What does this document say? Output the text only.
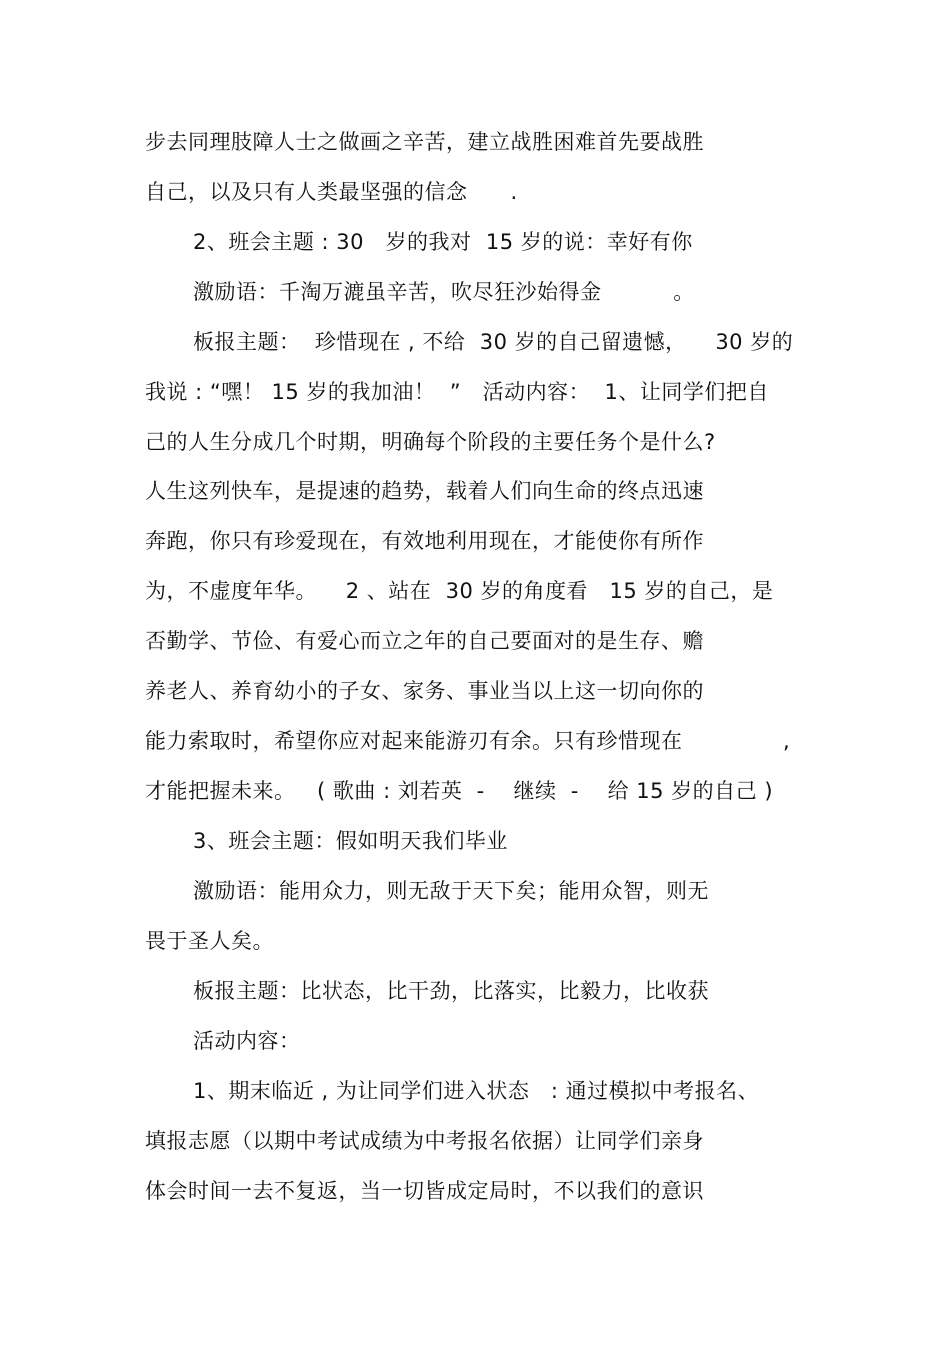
步去同理肢障人士之做画之辛苦，建立战胜困难首先要战胜
自己，以及只有人类最坚强的信念      .
2、班会主题 : 30   岁的我对  15 岁的说：幸好有你
激励语：千淘万漉虽辛苦，吹尽狂沙始得金          。
板报主题：  珍惜现在 , 不给  30 岁的自己留遗憾，    30 岁的
我说 : “嘿！ 15 岁的我加油！  ”   活动内容：  1、让同学们把自
己的人生分成几个时期，明确每个阶段的主要任务个是什么?
人生这列快车，是提速的趋势，载着人们向生命的终点迅速
奔跑，你只有珍爱现在，有效地利用现在，才能使你有所作
为，不虚度年华。    2 、站在  30 岁的角度看   15 岁的自己，是
否勤学、节俭、有爱心而立之年的自己要面对的是生存、赡
养老人、养育幼小的子女、家务、事业当以上这一切向你的
能力索取时，希望你应对起来能游刃有余。只有珍惜现在              ,
才能把握未来。   ( 歌曲 : 刘若英  -    继续  -    给 15 岁的自己 )
3、班会主题：假如明天我们毕业
激励语：能用众力，则无敌于天下矣；能用众智，则无
畏于圣人矣。
板报主题：比状态，比干劲，比落实，比毅力，比收获
活动内容：
1、期末临近 , 为让同学们进入状态   : 通过模拟中考报名、
填报志愿（以期中考试成绩为中考报名依据）让同学们亲身
体会时间一去不复返，当一切皆成定局时，不以我们的意识
